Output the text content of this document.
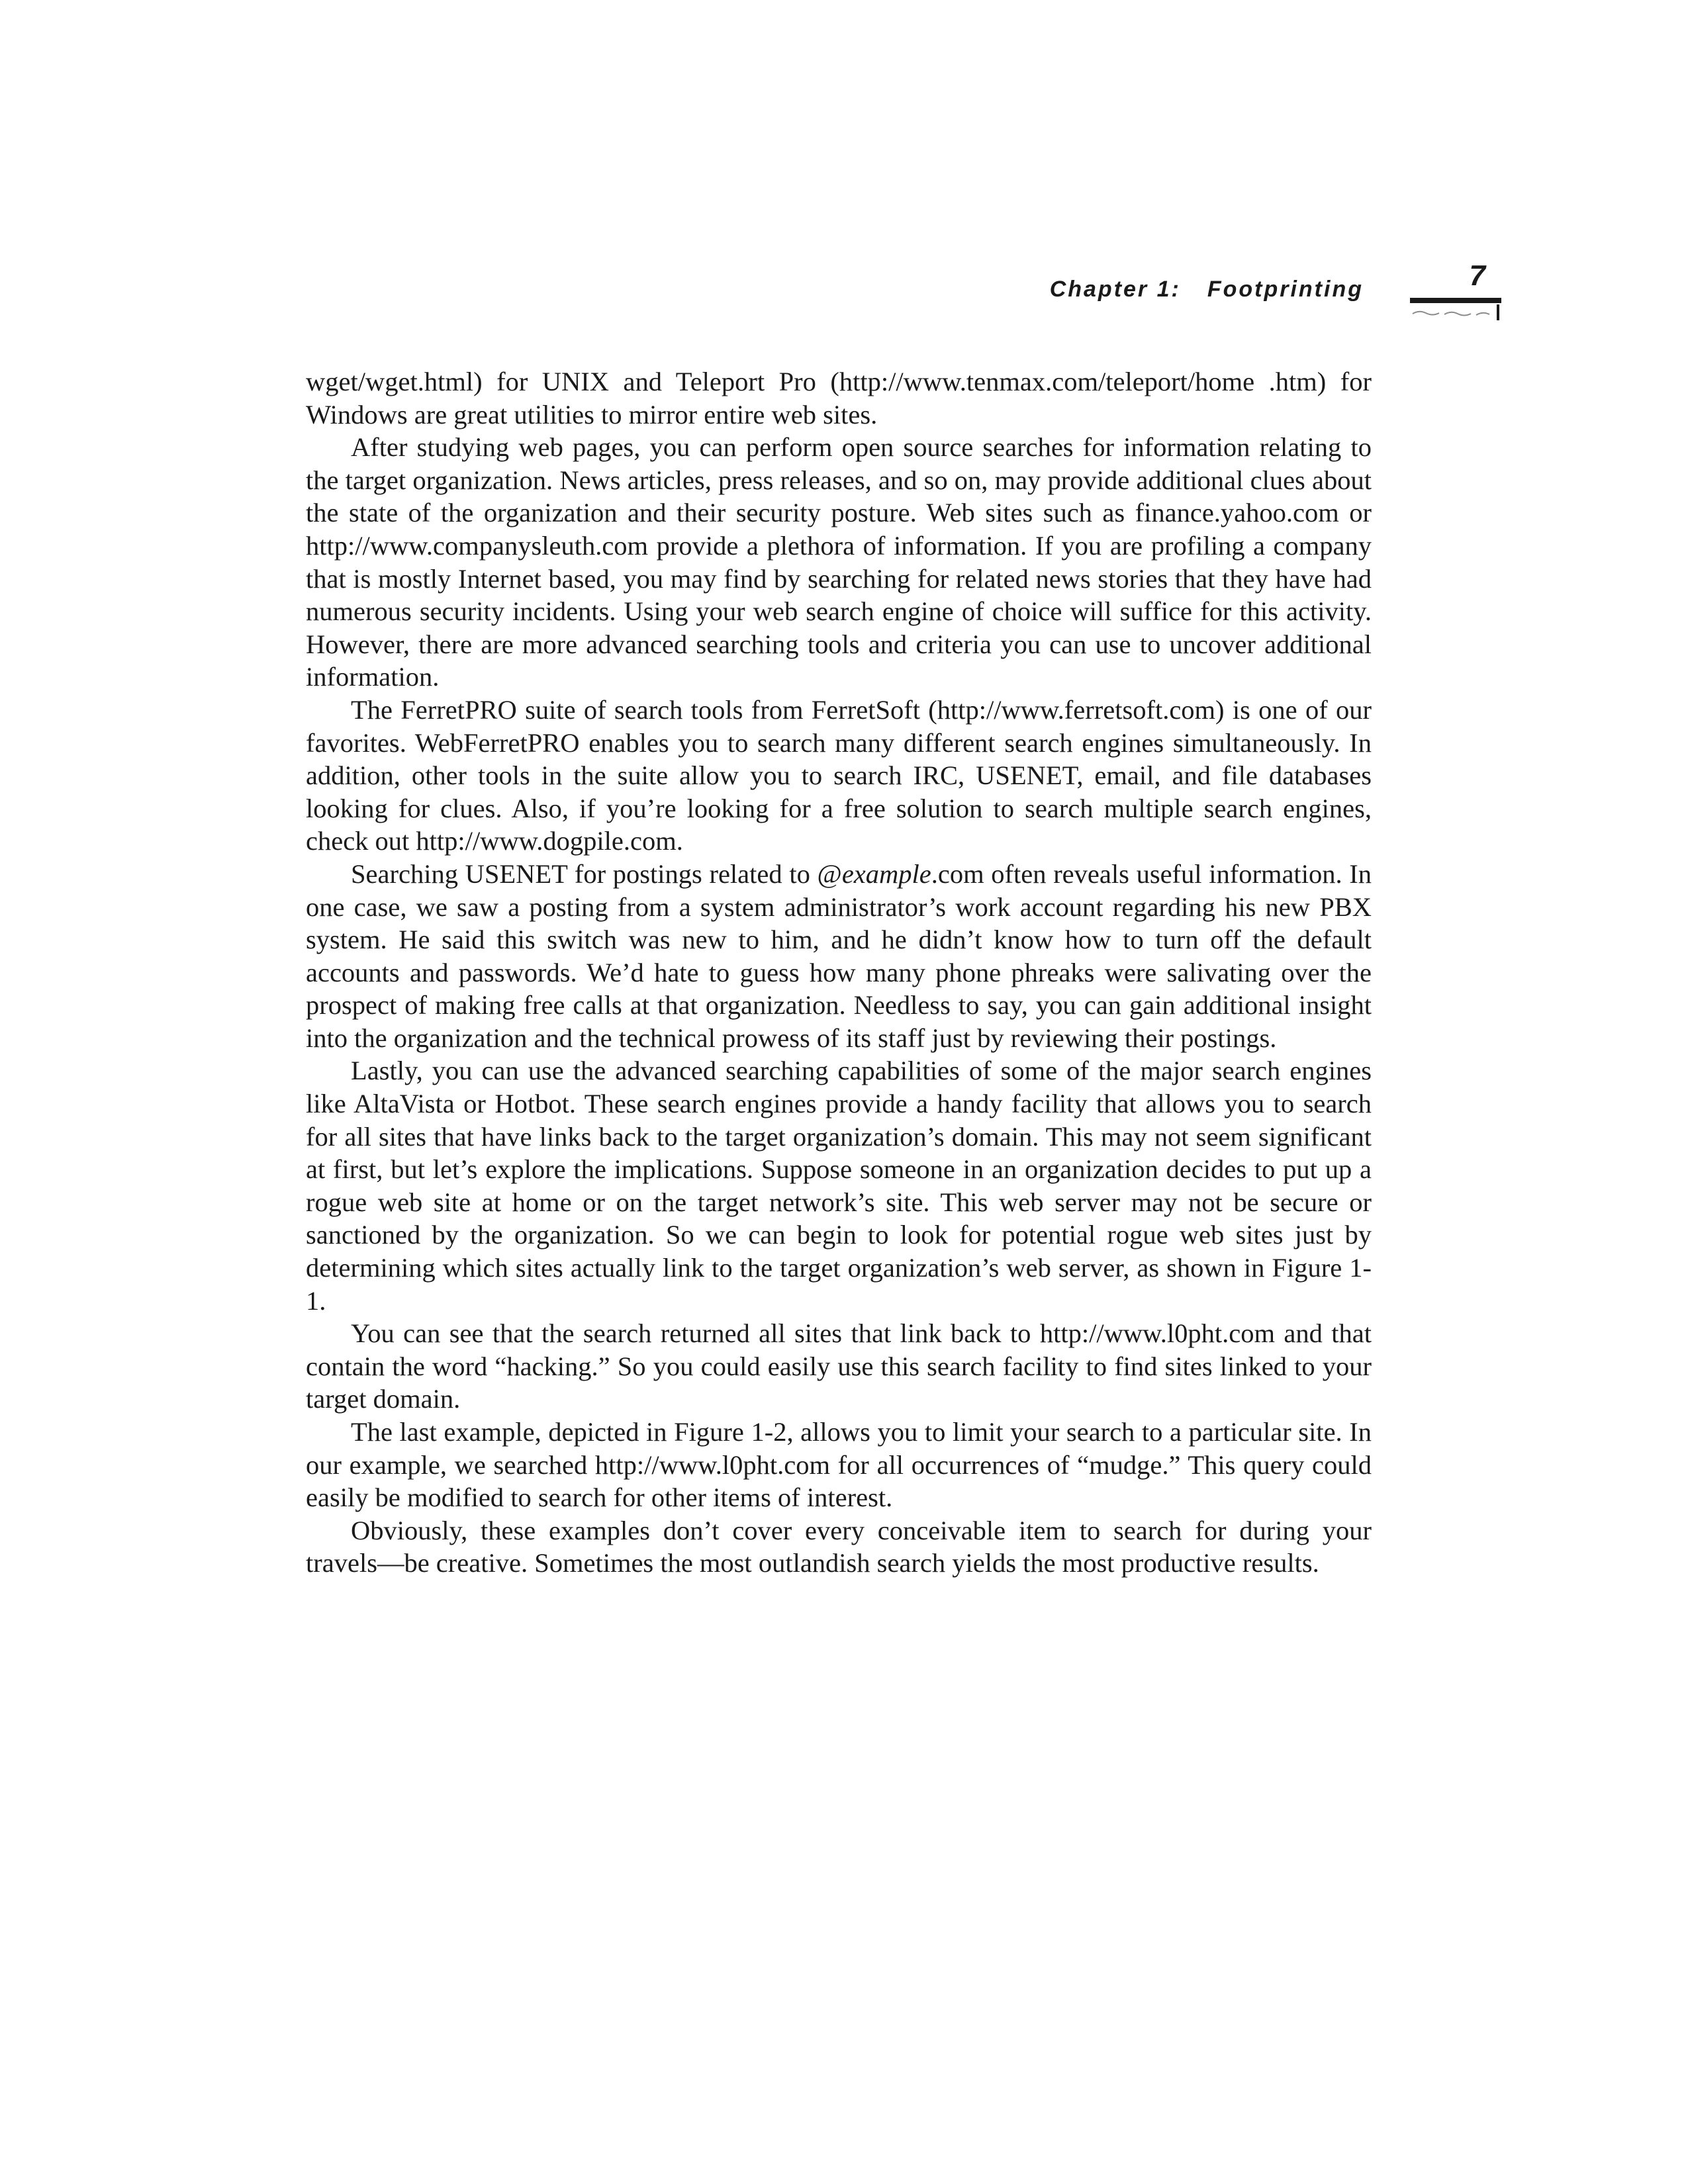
Chapter 1: Footprinting	7

wget/wget.html) for UNIX and Teleport Pro (http://www.tenmax.com/teleport/home .htm) for Windows are great utilities to mirror entire web sites.

After studying web pages, you can perform open source searches for information relating to the target organization. News articles, press releases, and so on, may provide additional clues about the state of the organization and their security posture. Web sites such as finance.yahoo.com or http://www.companysleuth.com provide a plethora of information. If you are profiling a company that is mostly Internet based, you may find by searching for related news stories that they have had numerous security incidents. Using your web search engine of choice will suffice for this activity. However, there are more advanced searching tools and criteria you can use to uncover additional information.

The FerretPRO suite of search tools from FerretSoft (http://www.ferretsoft.com) is one of our favorites. WebFerretPRO enables you to search many different search engines simultaneously. In addition, other tools in the suite allow you to search IRC, USENET, email, and file databases looking for clues. Also, if you’re looking for a free solution to search multiple search engines, check out http://www.dogpile.com.

Searching USENET for postings related to @example.com often reveals useful information. In one case, we saw a posting from a system administrator’s work account regarding his new PBX system. He said this switch was new to him, and he didn’t know how to turn off the default accounts and passwords. We’d hate to guess how many phone phreaks were salivating over the prospect of making free calls at that organization. Needless to say, you can gain additional insight into the organization and the technical prowess of its staff just by reviewing their postings.

Lastly, you can use the advanced searching capabilities of some of the major search engines like AltaVista or Hotbot. These search engines provide a handy facility that allows you to search for all sites that have links back to the target organization’s domain. This may not seem significant at first, but let’s explore the implications. Suppose someone in an organization decides to put up a rogue web site at home or on the target network’s site. This web server may not be secure or sanctioned by the organization. So we can begin to look for potential rogue web sites just by determining which sites actually link to the target organization’s web server, as shown in Figure 1-1.

You can see that the search returned all sites that link back to http://www.l0pht.com and that contain the word “hacking.” So you could easily use this search facility to find sites linked to your target domain.

The last example, depicted in Figure 1-2, allows you to limit your search to a particular site. In our example, we searched http://www.l0pht.com for all occurrences of “mudge.” This query could easily be modified to search for other items of interest.

Obviously, these examples don’t cover every conceivable item to search for during your travels—be creative. Sometimes the most outlandish search yields the most productive results.
